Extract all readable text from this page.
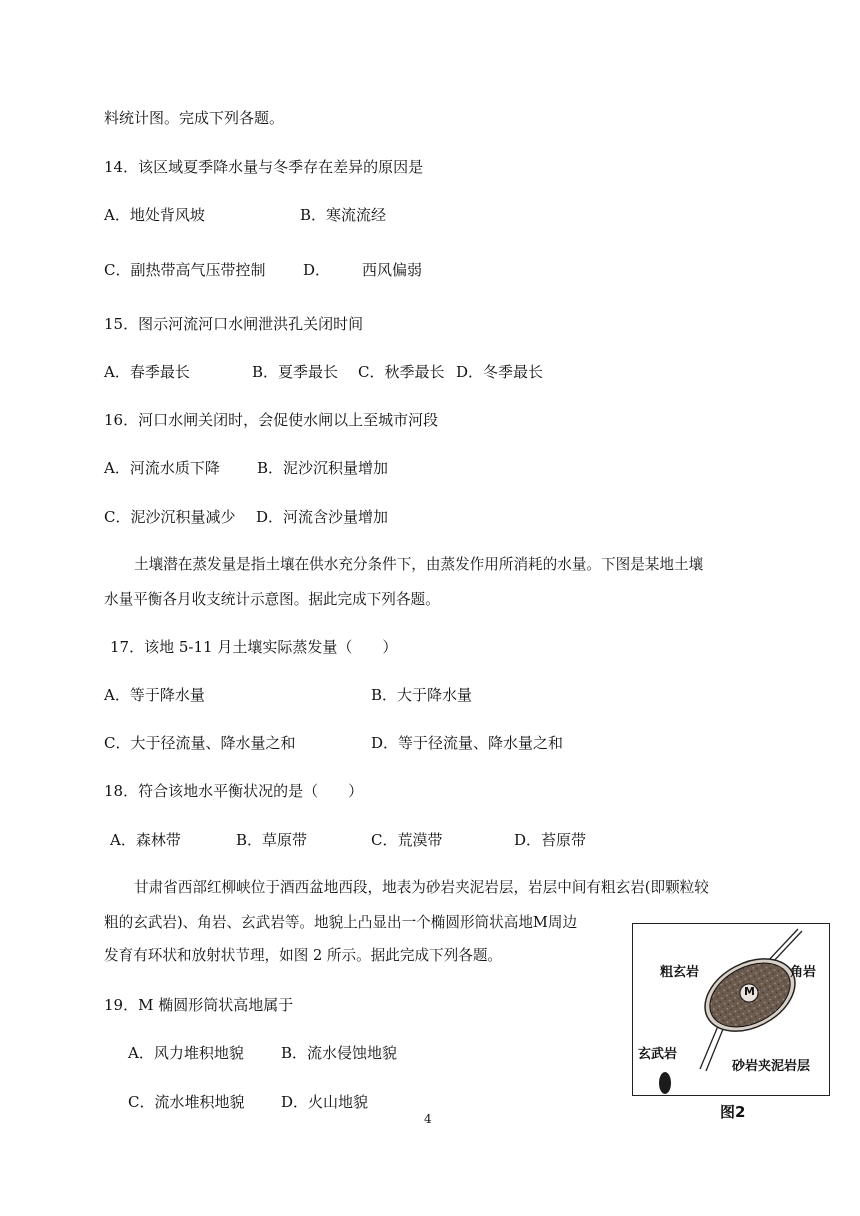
料统计图。完成下列各题。
14．该区域夏季降水量与冬季存在差异的原因是
A．地处背风坡	B．寒流流经
C．副热带高气压带控制	D． 西风偏弱
15．图示河流河口水闸泄洪孔关闭时间
A．春季最长	B．夏季最长 C．秋季最长 D．冬季最长
16．河口水闸关闭时，会促使水闸以上至城市河段
A．河流水质下降 B．泥沙沉积量增加
C．泥沙沉积量减少 D．河流含沙量增加
土壤潜在蒸发量是指土壤在供水充分条件下，由蒸发作用所消耗的水量。下图是某地土壤
水量平衡各月收支统计示意图。据此完成下列各题。
17．该地 5-11 月土壤实际蒸发量（　　）
A．等于降水量	B．大于降水量
C．大于径流量、降水量之和	D．等于径流量、降水量之和
18．符合该地水平衡状况的是（　　）
A．森林带	B．草原带	C．荒漠带	D．苔原带
甘肃省西部红柳峡位于酒西盆地西段，地表为砂岩夹泥岩层，岩层中间有粗玄岩(即颗粒较
粗的玄武岩)、角岩、玄武岩等。地貌上凸显出一个椭圆形筒状高地M周边
发育有环状和放射状节理，如图 2 所示。据此完成下列各题。
19．M 椭圆形筒状高地属于
A．风力堆积地貌 B．流水侵蚀地貌
C．流水堆积地貌 D．火山地貌
粗玄岩	角岩
M
玄武岩
砂岩夹泥岩层
图2
4
